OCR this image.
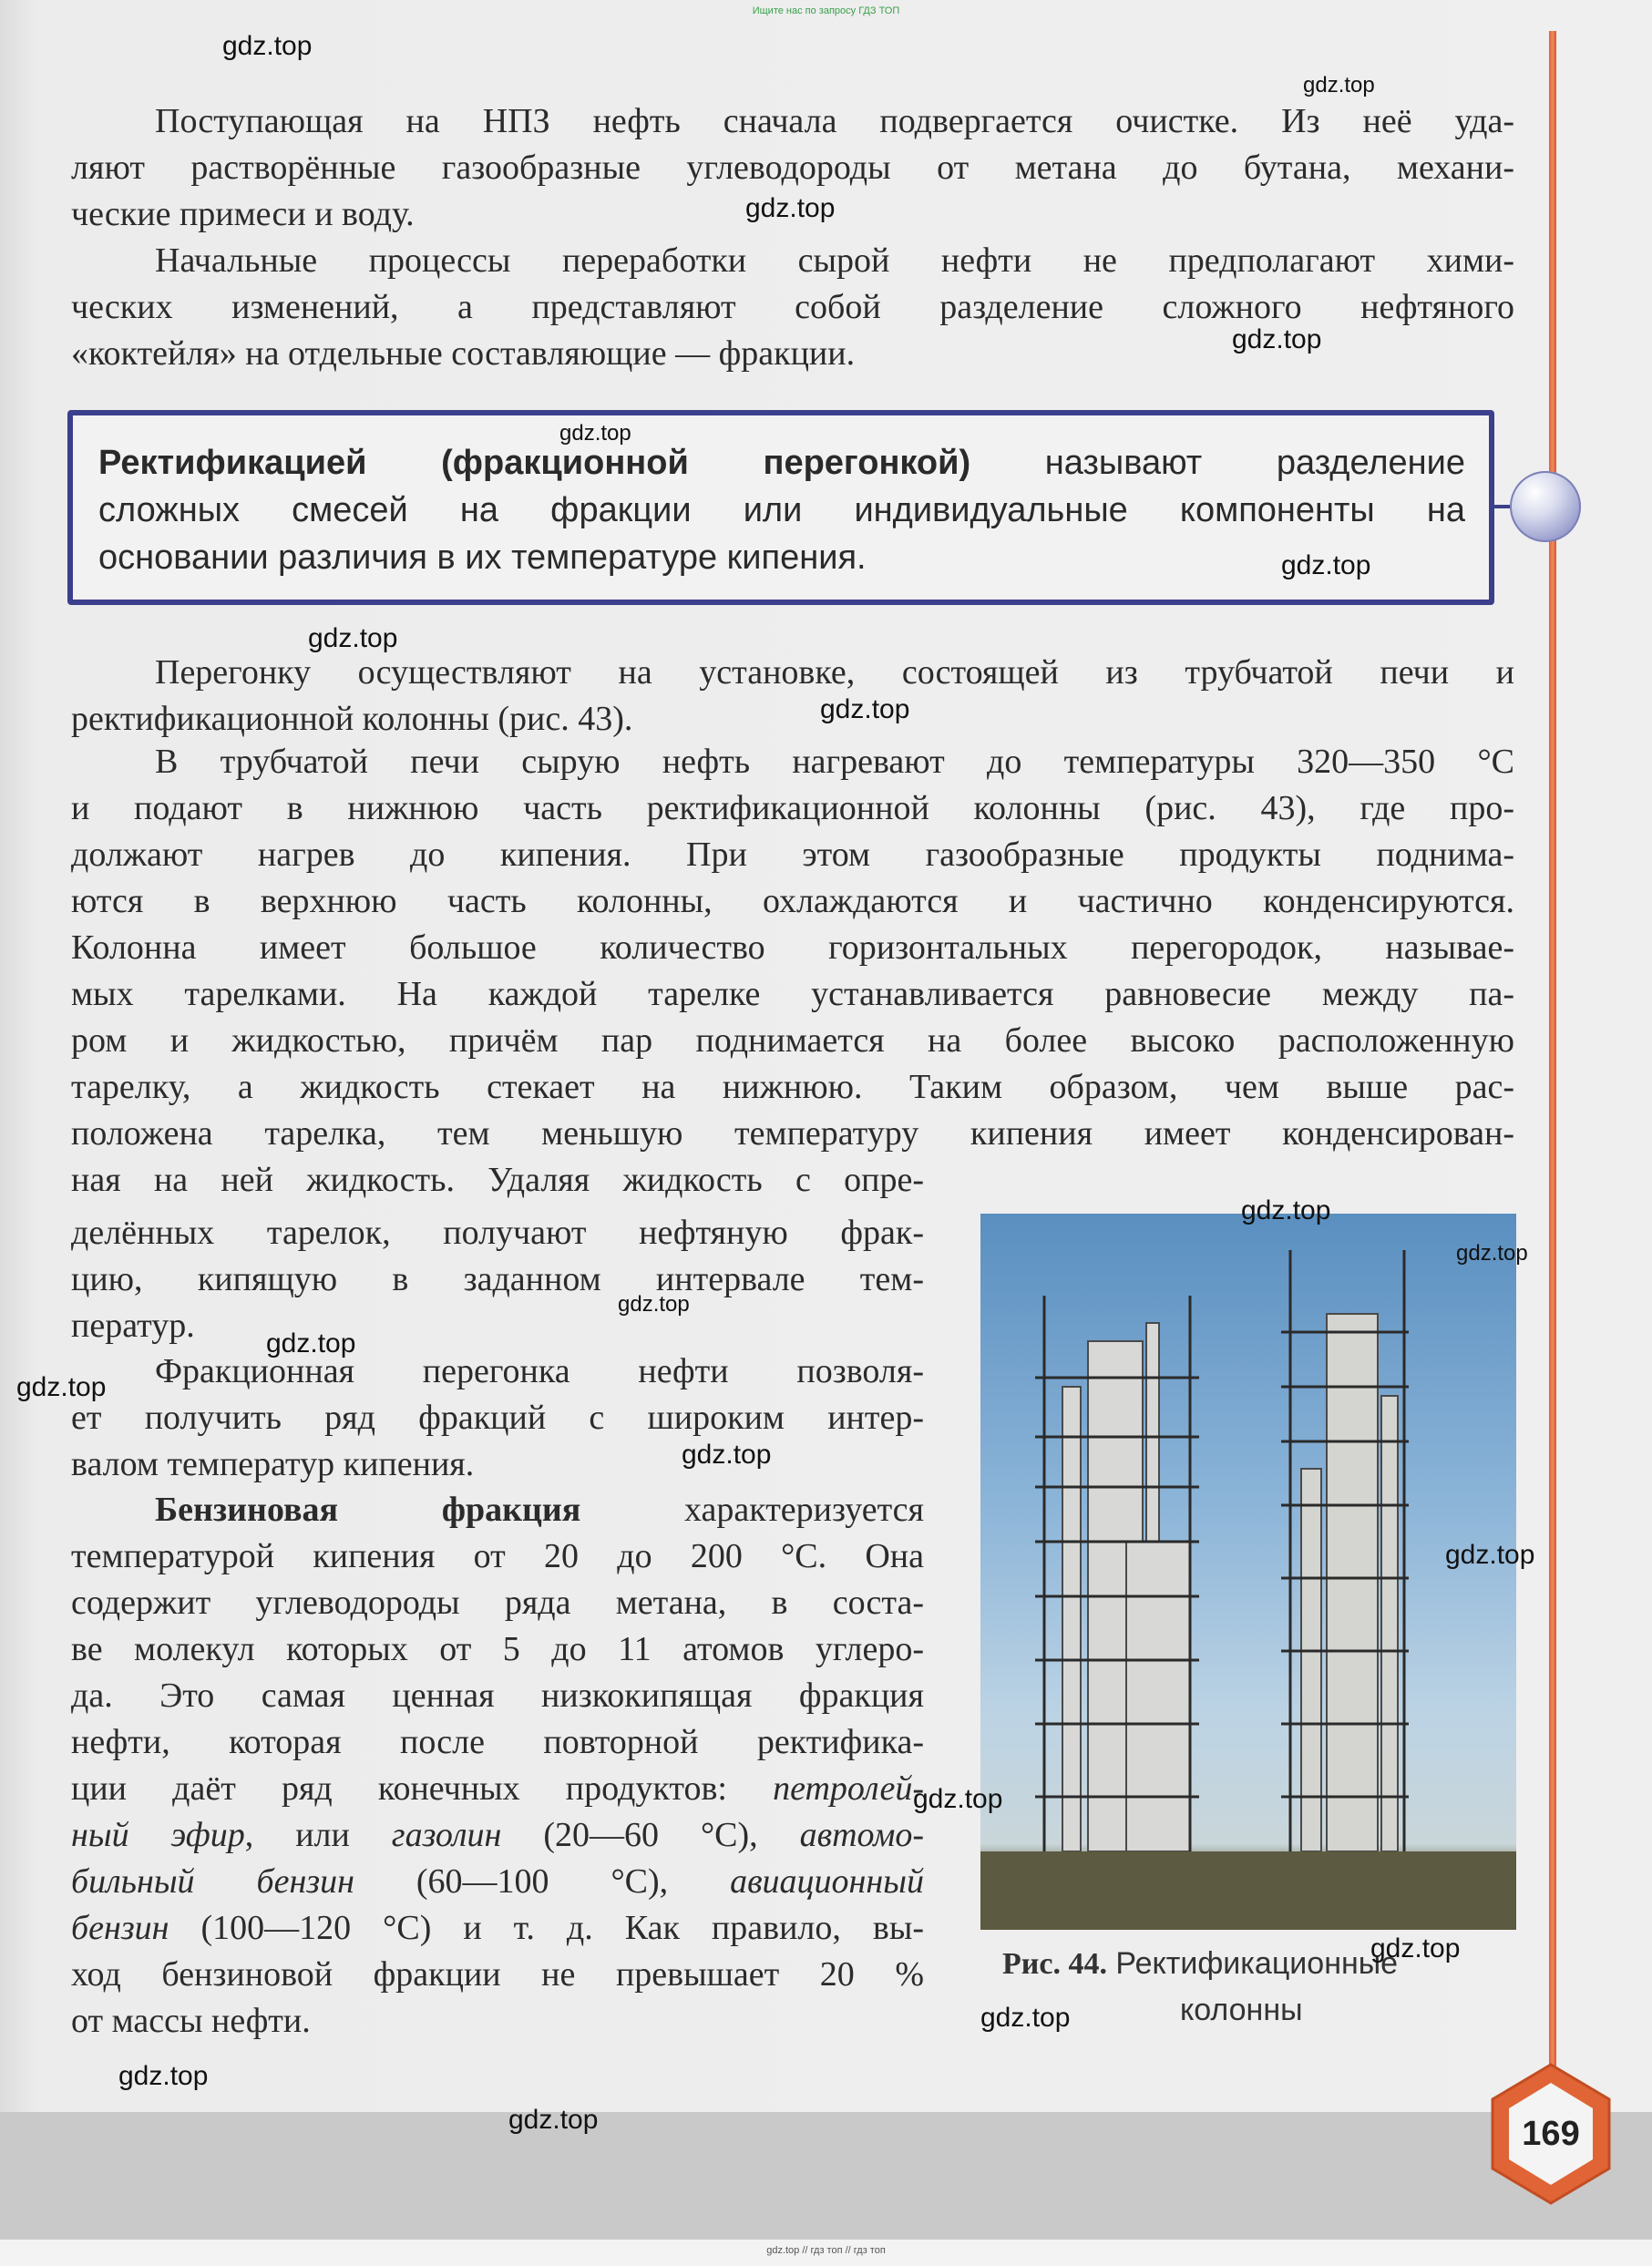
Ищите нас по запросу ГДЗ ТОП

Поступающая на НПЗ нефть сначала подвергается очистке. Из неё уда-
ляют растворённые газообразные углеводороды от метана до бутана, механи-
ческие примеси и воду.

Начальные процессы переработки сырой нефти не предполагают хими-
ческих изменений, а представляют собой разделение сложного нефтяного
«коктейля» на отдельные составляющие — фракции.

Ректификацией (фракционной перегонкой) называют разделение
сложных смесей на фракции или индивидуальные компоненты на
основании различия в их температуре кипения.

Перегонку осуществляют на установке, состоящей из трубчатой печи и
ректификационной колонны (рис. 43).

В трубчатой печи сырую нефть нагревают до температуры 320—350 °С
и подают в нижнюю часть ректификационной колонны (рис. 43), где про-
должают нагрев до кипения. При этом газообразные продукты поднима-
ются в верхнюю часть колонны, охлаждаются и частично конденсируются.
Колонна имеет большое количество горизонтальных перегородок, называе-
мых тарелками. На каждой тарелке устанавливается равновесие между па-
ром и жидкостью, причём пар поднимается на более высоко расположенную
тарелку, а жидкость стекает на нижнюю. Таким образом, чем выше рас-
положена тарелка, тем меньшую температуру кипения имеет конденсирован-
ная на ней жидкость. Удаляя жидкость с опре-

делённых тарелок, получают нефтяную фрак-
цию, кипящую в заданном интервале тем-
ператур.

Фракционная перегонка нефти позволя-
ет получить ряд фракций с широким интер-
валом температур кипения.

Бензиновая фракция характеризуется
температурой кипения от 20 до 200 °С. Она
содержит углеводороды ряда метана, в соста-
ве молекул которых от 5 до 11 атомов углеро-
да. Это самая ценная низкокипящая фракция
нефти, которая после повторной ректифика-
ции даёт ряд конечных продуктов: петролей-
ный эфир, или газолин (20—60 °С), автомо-
бильный бензин (60—100 °С), авиационный
бензин (100—120 °С) и т. д. Как правило, вы-
ход бензиновой фракции не превышает 20 %
от массы нефти.

Рис. 44. Ректификационные
колонны

169
gdz.top
gdz.top
gdz.top
gdz.top
gdz.top
gdz.top
gdz.top
gdz.top
gdz.top
gdz.top
gdz.top
gdz.top
gdz.top
gdz.top
gdz.top
gdz.top
gdz.top
gdz.top
gdz.top
gdz.top
gdz.top // гдз топ // гдз топ
